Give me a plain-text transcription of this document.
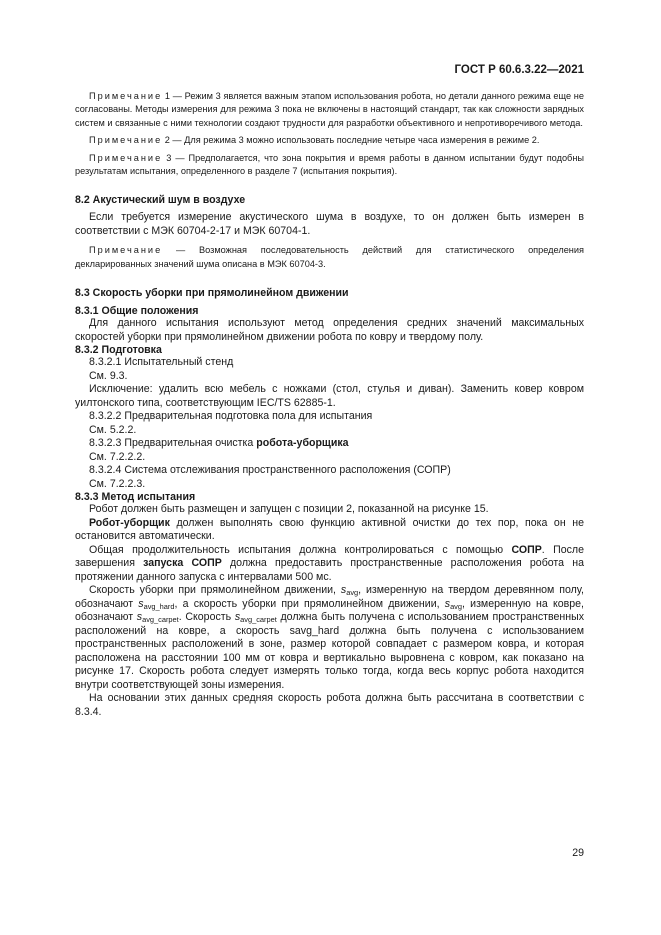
ГОСТ Р 60.6.3.22—2021

Примечание 1 — Режим 3 является важным этапом использования робота, но детали данного режима еще не согласованы. Методы измерения для режима 3 пока не включены в настоящий стандарт, так как сложности зарядных систем и связанные с ними технологии создают трудности для разработки объективного и непротиворечивого метода.

Примечание 2 — Для режима 3 можно использовать последние четыре часа измерения в режиме 2.

Примечание 3 — Предполагается, что зона покрытия и время работы в данном испытании будут подобны результатам испытания, определенного в разделе 7 (испытания покрытия).

8.2 Акустический шум в воздухе

Если требуется измерение акустического шума в воздухе, то он должен быть измерен в соответствии с МЭК 60704-2-17 и МЭК 60704-1.

Примечание — Возможная последовательность действий для статистического определения декларированных значений шума описана в МЭК 60704-3.

8.3 Скорость уборки при прямолинейном движении

8.3.1 Общие положения

Для данного испытания используют метод определения средних значений максимальных скоростей уборки при прямолинейном движении робота по ковру и твердому полу.

8.3.2 Подготовка

8.3.2.1 Испытательный стенд

См. 9.3.

Исключение: удалить всю мебель с ножками (стол, стулья и диван). Заменить ковер ковром уилтонского типа, соответствующим IEC/TS 62885-1.

8.3.2.2 Предварительная подготовка пола для испытания

См. 5.2.2.

8.3.2.3 Предварительная очистка робота-уборщика

См. 7.2.2.2.

8.3.2.4 Система отслеживания пространственного расположения (СОПР)

См. 7.2.2.3.

8.3.3 Метод испытания

Робот должен быть размещен и запущен с позиции 2, показанной на рисунке 15.

Робот-уборщик должен выполнять свою функцию активной очистки до тех пор, пока он не остановится автоматически.

Общая продолжительность испытания должна контролироваться с помощью СОПР. После завершения запуска СОПР должна предоставить пространственные расположения робота на протяжении данного запуска с интервалами 500 мс.

Скорость уборки при прямолинейном движении, $s_{avg}$, измеренную на твердом деревянном полу, обозначают $s_{avg\_hard}$, а скорость уборки при прямолинейном движении, $s_{avg}$, измеренную на ковре, обозначают $s_{avg\_carpet}$. Скорость $s_{avg\_carpet}$ должна быть получена с использованием пространственных расположений на ковре, а скорость savg_hard должна быть получена с использованием пространственных расположений в зоне, размер которой совпадает с размером ковра, и которая расположена на расстоянии 100 мм от ковра и вертикально выровнена с ковром, как показано на рисунке 17. Скорость робота следует измерять только тогда, когда весь корпус робота находится внутри соответствующей зоны измерения.

На основании этих данных средняя скорость робота должна быть рассчитана в соответствии с 8.3.4.

29
